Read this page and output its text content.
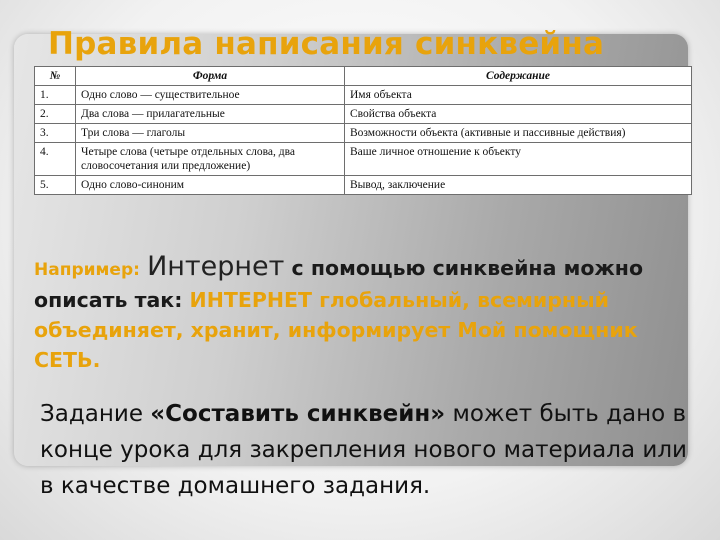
Правила написания синквейна
№	Форма	Содержание
1.	Одно слово — существительное	Имя объекта
2.	Два слова — прилагательные	Свойства объекта
3.	Три слова — глаголы	Возможности объекта (активные и пассивные действия)
4.	Четыре слова (четыре отдельных слова, два словосочетания или предложение)	Ваше личное отношение к объекту
5.	Одно слово-синоним	Вывод, заключение

Например: Интернет с помощью синквейна можно описать так: ИНТЕРНЕТ глобальный, всемирный объединяет, хранит, информирует Мой помощник СЕТЬ.

Задание «Составить синквейн» может быть дано в конце урока для закрепления нового материала или в качестве домашнего задания.
